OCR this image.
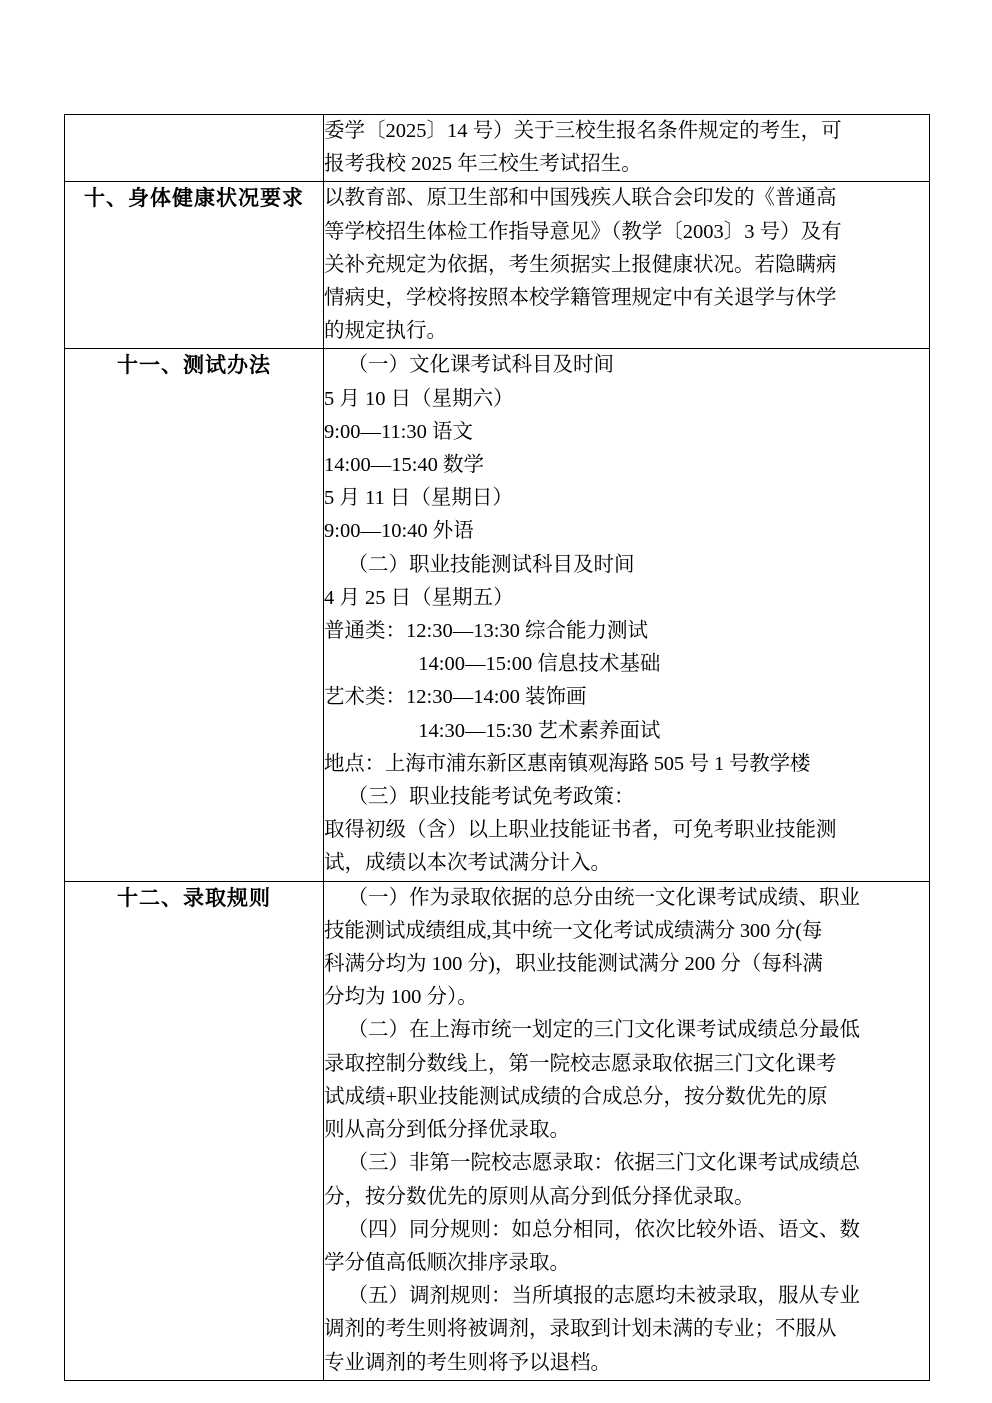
	委学〔2025〕14 号）关于三校生报名条件规定的考生，可

报考我校 2025 年三校生考试招生。

十、身体健康状况要求	以教育部、原卫生部和中国残疾人联合会印发的《普通高

等学校招生体检工作指导意见》（教学〔2003〕3 号）及有

关补充规定为依据，考生须据实上报健康状况。若隐瞒病

情病史，学校将按照本校学籍管理规定中有关退学与休学

的规定执行。

十一、测试办法	（一）文化课考试科目及时间

5 月 10 日（星期六）

9:00—11:30 语文

14:00—15:40 数学

5 月 11 日（星期日）

9:00—10:40 外语

（二）职业技能测试科目及时间

4 月 25 日（星期五）

普通类：12:30—13:30 综合能力测试

14:00—15:00 信息技术基础

艺术类：12:30—14:00 装饰画

14:30—15:30 艺术素养面试

地点：上海市浦东新区惠南镇观海路 505 号 1 号教学楼

（三）职业技能考试免考政策：

取得初级（含）以上职业技能证书者，可免考职业技能测

试，成绩以本次考试满分计入。

十二、录取规则	（一）作为录取依据的总分由统一文化课考试成绩、职业

技能测试成绩组成,其中统一文化考试成绩满分 300 分(每

科满分均为 100 分)，职业技能测试满分 200 分（每科满

分均为 100 分）。

（二）在上海市统一划定的三门文化课考试成绩总分最低

录取控制分数线上，第一院校志愿录取依据三门文化课考

试成绩+职业技能测试成绩的合成总分，按分数优先的原

则从高分到低分择优录取。

（三）非第一院校志愿录取：依据三门文化课考试成绩总

分，按分数优先的原则从高分到低分择优录取。

（四）同分规则：如总分相同，依次比较外语、语文、数

学分值高低顺次排序录取。

（五）调剂规则：当所填报的志愿均未被录取，服从专业

调剂的考生则将被调剂，录取到计划未满的专业；不服从

专业调剂的考生则将予以退档。
